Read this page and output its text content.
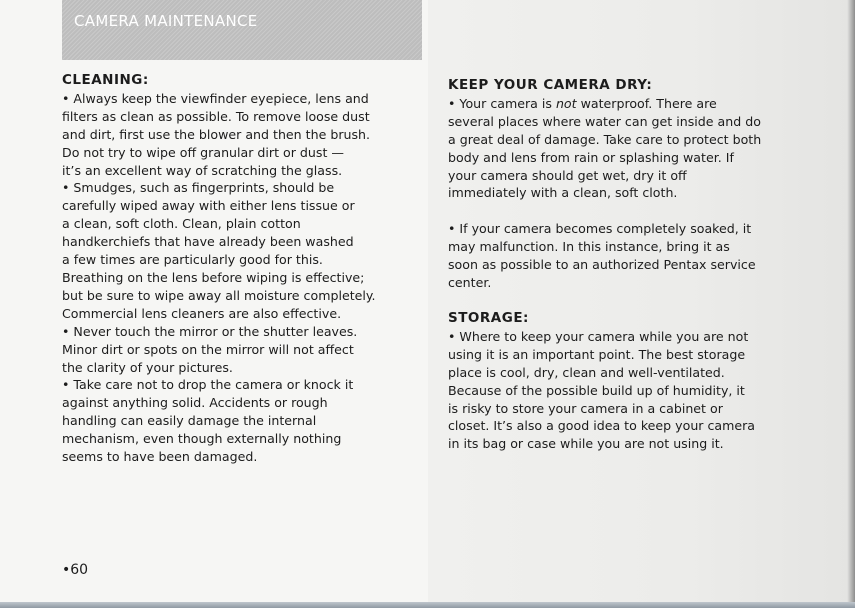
CAMERA MAINTENANCE
CLEANING:

• Always keep the viewfinder eyepiece, lens and
filters as clean as possible. To remove loose dust
and dirt, first use the blower and then the brush.
Do not try to wipe off granular dirt or dust —
it’s an excellent way of scratching the glass.

• Smudges, such as fingerprints, should be
carefully wiped away with either lens tissue or
a clean, soft cloth. Clean, plain cotton
handkerchiefs that have already been washed
a few times are particularly good for this.
Breathing on the lens before wiping is effective;
but be sure to wipe away all moisture completely.
Commercial lens cleaners are also effective.

• Never touch the mirror or the shutter leaves.
Minor dirt or spots on the mirror will not affect
the clarity of your pictures.

• Take care not to drop the camera or knock it
against anything solid. Accidents or rough
handling can easily damage the internal
mechanism, even though externally nothing
seems to have been damaged.

KEEP YOUR CAMERA DRY:

• Your camera is not waterproof. There are
several places where water can get inside and do
a great deal of damage. Take care to protect both
body and lens from rain or splashing water. If
your camera should get wet, dry it off
immediately with a clean, soft cloth.

• If your camera becomes completely soaked, it
may malfunction. In this instance, bring it as
soon as possible to an authorized Pentax service
center.

STORAGE:

• Where to keep your camera while you are not
using it is an important point. The best storage
place is cool, dry, clean and well-ventilated.
Because of the possible build up of humidity, it
is risky to store your camera in a cabinet or
closet. It’s also a good idea to keep your camera
in its bag or case while you are not using it.

•60
